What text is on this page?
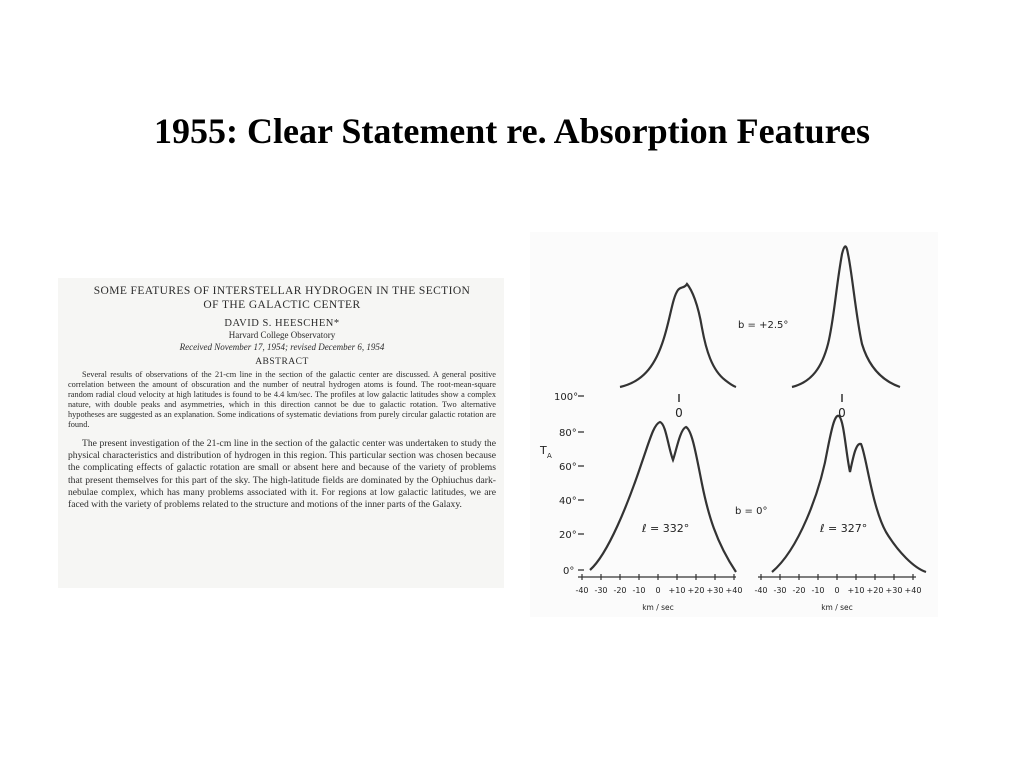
1955: Clear Statement re. Absorption Features
SOME FEATURES OF INTERSTELLAR HYDROGEN IN THE SECTION OF THE GALACTIC CENTER
DAVID S. HEESCHEN*
Harvard College Observatory
Received November 17, 1954; revised December 6, 1954
ABSTRACT
Several results of observations of the 21-cm line in the section of the galactic center are discussed. A general positive correlation between the amount of obscuration and the number of neutral hydrogen atoms is found. The root-mean-square random radial cloud velocity at high latitudes is found to be 4.4 km/sec. The profiles at low galactic latitudes show a complex nature, with double peaks and asymmetries, which in this direction cannot be due to galactic rotation. Two alternative hypotheses are suggested as an explanation. Some indications of systematic deviations from purely circular galactic rotation are found.
The present investigation of the 21-cm line in the section of the galactic center was undertaken to study the physical characteristics and distribution of hydrogen in this region. This particular section was chosen because the complicating effects of galactic rotation are small or absent here and because of the variety of problems that present themselves for this part of the sky. The high-latitude fields are dominated by the Ophiuchus dark-nebulae complex, which has many problems associated with it. For regions at low galactic latitudes, we are faced with the variety of problems related to the structure and motions of the inner parts of the Galaxy.
0	0
T A
100°
80°
60°
40°
20°
0°
b = +2.5°
b = 0°
ℓ = 332°	ℓ = 327°
-40 -30 -20 -10 0 +10 +20 +30 +40
km / sec
-40 -30 -20 -10 0 +10 +20 +30 +40
km / sec
